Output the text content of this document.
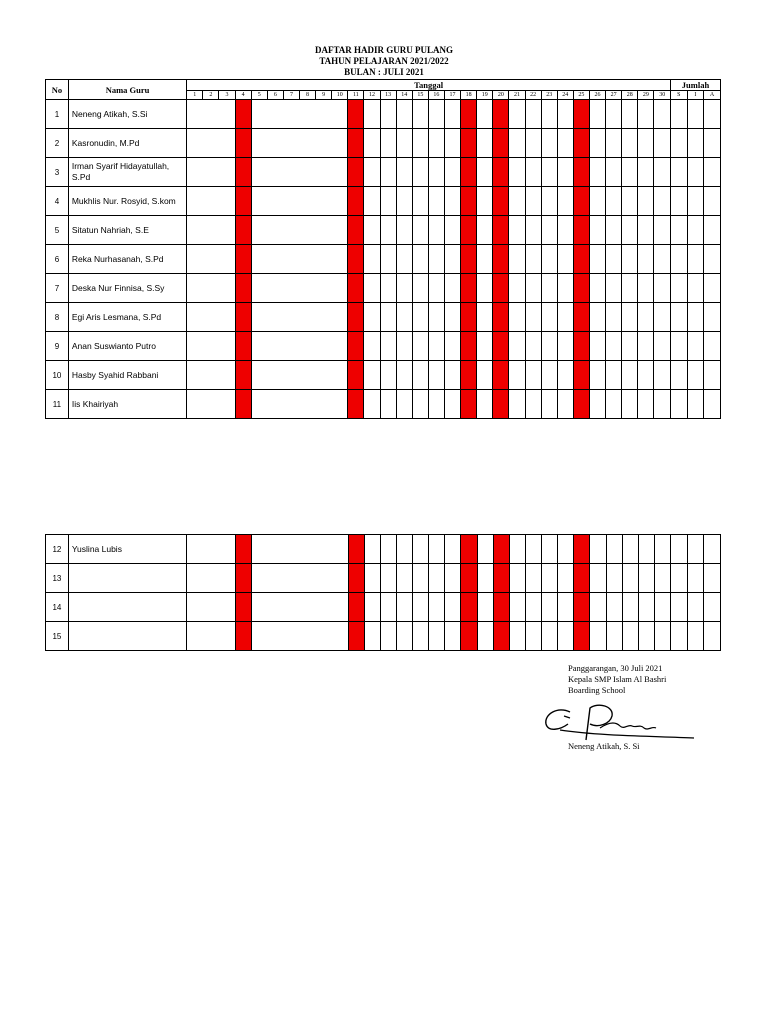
DAFTAR HADIR GURU PULANG
TAHUN PELAJARAN 2021/2022
BULAN : JULI 2021
No	Nama Guru	Tanggal																														Jumlah		
		1	2	3	4	5	6	7	8	9	10	11	12	13	14	15	16	17	18	19	20	21	22	23	24	25	26	27	28	29	30	S	I	A
1	Neneng Atikah, S.Si																																	
2	Kasronudin, M.Pd																																	
3	Irman Syarif Hidayatullah, S.Pd																																	
4	Mukhlis Nur. Rosyid, S.kom																																	
5	Sitatun Nahriah, S.E																																	
6	Reka Nurhasanah, S.Pd																																	
7	Deska Nur Finnisa, S.Sy																																	
8	Egi Aris Lesmana, S.Pd																																	
9	Anan Suswianto Putro																																	
10	Hasby Syahid Rabbani																																	
11	Iis Khairiyah																																	
12	Yuslina Lubis																																	
13																																		
14																																		
15																																		
Panggarangan, 30 Juli 2021
Kepala SMP Islam Al Bashri
Boarding School
Neneng Atikah, S. Si
